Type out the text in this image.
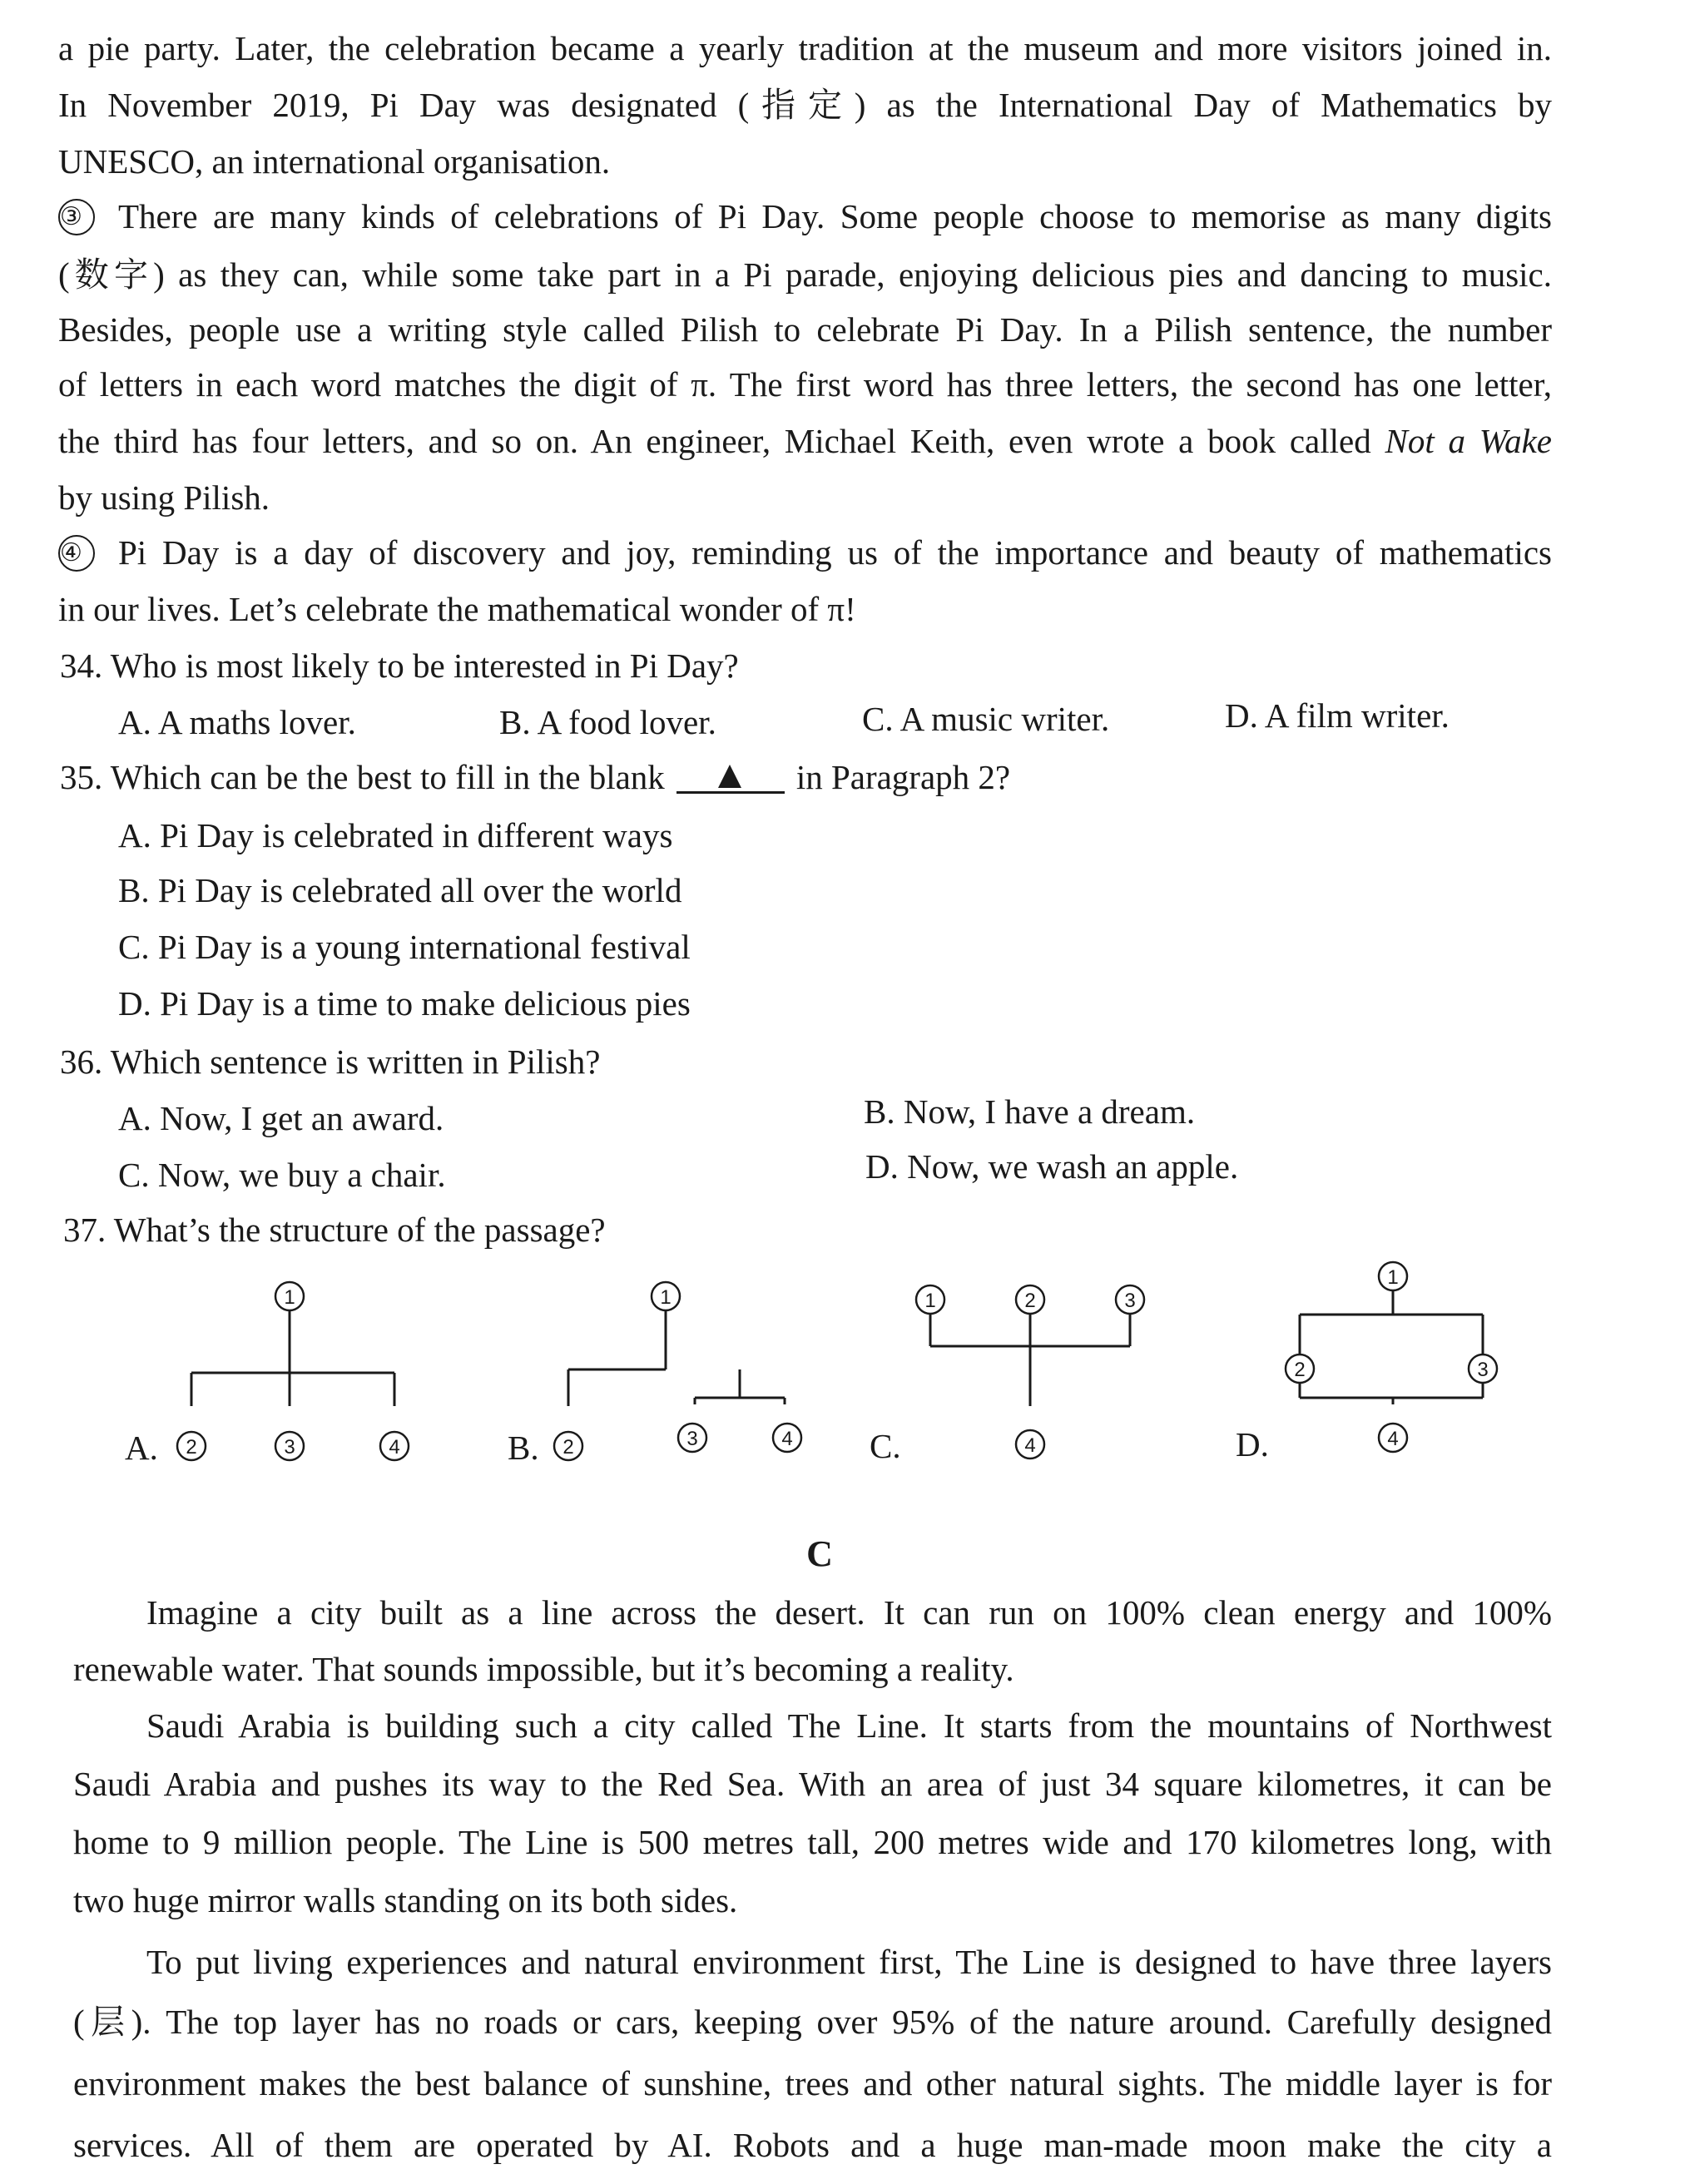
a pie party. Later, the celebration became a yearly tradition at the museum and more visitors joined in.
In November 2019, Pi Day was designated (指定) as the International Day of Mathematics by
UNESCO, an international organisation.
③ There are many kinds of celebrations of Pi Day. Some people choose to memorise as many digits
(数字) as they can, while some take part in a Pi parade, enjoying delicious pies and dancing to music.
Besides, people use a writing style called Pilish to celebrate Pi Day. In a Pilish sentence, the number
of letters in each word matches the digit of π. The first word has three letters, the second has one letter,
the third has four letters, and so on. An engineer, Michael Keith, even wrote a book called Not a Wake
by using Pilish.
④ Pi Day is a day of discovery and joy, reminding us of the importance and beauty of mathematics
in our lives. Let’s celebrate the mathematical wonder of π!
34. Who is most likely to be interested in Pi Day?
A. A maths lover.	B. A food lover.	C. A music writer.	D. A film writer.
35. Which can be the best to fill in the blank	in Paragraph 2?
A. Pi Day is celebrated in different ways
B. Pi Day is celebrated all over the world
C. Pi Day is a young international festival
D. Pi Day is a time to make delicious pies
36. Which sentence is written in Pilish?
A. Now, I get an award.	B. Now, I have a dream.
C. Now, we buy a chair.	D. Now, we wash an apple.
37. What’s the structure of the passage?
1
2	3	4
1
2	3	4
1	2	3
4
1
2	3
4
A.	B.	C.	D.
C
Imagine a city built as a line across the desert. It can run on 100% clean energy and 100%
renewable water. That sounds impossible, but it’s becoming a reality.
Saudi Arabia is building such a city called The Line. It starts from the mountains of Northwest
Saudi Arabia and pushes its way to the Red Sea. With an area of just 34 square kilometres, it can be
home to 9 million people. The Line is 500 metres tall, 200 metres wide and 170 kilometres long, with
two huge mirror walls standing on its both sides.
To put living experiences and natural environment first, The Line is designed to have three layers
(层). The top layer has no roads or cars, keeping over 95% of the nature around. Carefully designed
environment makes the best balance of sunshine, trees and other natural sights. The middle layer is for
services. All of them are operated by AI. Robots and a huge man-made moon make the city a
